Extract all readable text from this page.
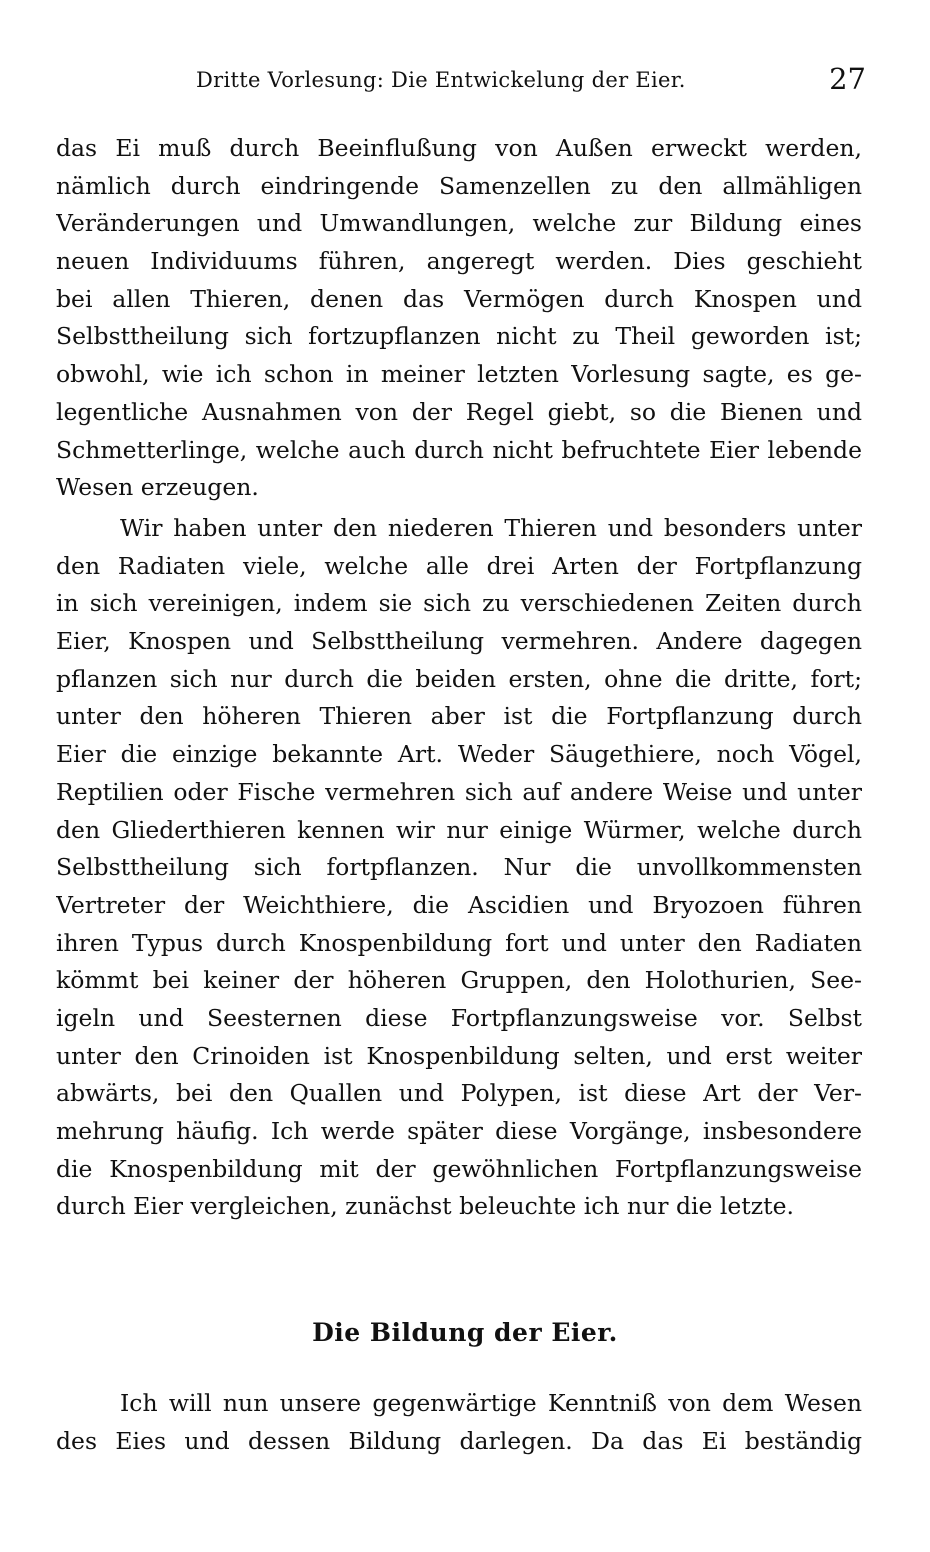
Dritte Vorlesung: Die Entwickelung der Eier.	27
das Ei muß durch Beeinflußung von Außen erweckt werden,
nämlich durch eindringende Samenzellen zu den allmähligen
Veränderungen und Umwandlungen, welche zur Bildung eines
neuen Individuums führen, angeregt werden. Dies geschieht
bei allen Thieren, denen das Vermögen durch Knospen und
Selbsttheilung sich fortzupflanzen nicht zu Theil geworden ist;
obwohl, wie ich schon in meiner letzten Vorlesung sagte, es ge-
legentliche Ausnahmen von der Regel giebt, so die Bienen und
Schmetterlinge, welche auch durch nicht befruchtete Eier lebende
Wesen erzeugen.
Wir haben unter den niederen Thieren und besonders unter
den Radiaten viele, welche alle drei Arten der Fortpflanzung
in sich vereinigen, indem sie sich zu verschiedenen Zeiten durch
Eier, Knospen und Selbsttheilung vermehren. Andere dagegen
pflanzen sich nur durch die beiden ersten, ohne die dritte, fort;
unter den höheren Thieren aber ist die Fortpflanzung durch
Eier die einzige bekannte Art. Weder Säugethiere, noch Vögel,
Reptilien oder Fische vermehren sich auf andere Weise und unter
den Gliederthieren kennen wir nur einige Würmer, welche durch
Selbsttheilung sich fortpflanzen. Nur die unvollkommensten
Vertreter der Weichthiere, die Ascidien und Bryozoen führen
ihren Typus durch Knospenbildung fort und unter den Radiaten
kömmt bei keiner der höheren Gruppen, den Holothurien, See-
igeln und Seesternen diese Fortpflanzungsweise vor. Selbst
unter den Crinoiden ist Knospenbildung selten, und erst weiter
abwärts, bei den Quallen und Polypen, ist diese Art der Ver-
mehrung häufig. Ich werde später diese Vorgänge, insbesondere
die Knospenbildung mit der gewöhnlichen Fortpflanzungsweise
durch Eier vergleichen, zunächst beleuchte ich nur die letzte.
Die Bildung der Eier.
Ich will nun unsere gegenwärtige Kenntniß von dem Wesen
des Eies und dessen Bildung darlegen. Da das Ei beständig
